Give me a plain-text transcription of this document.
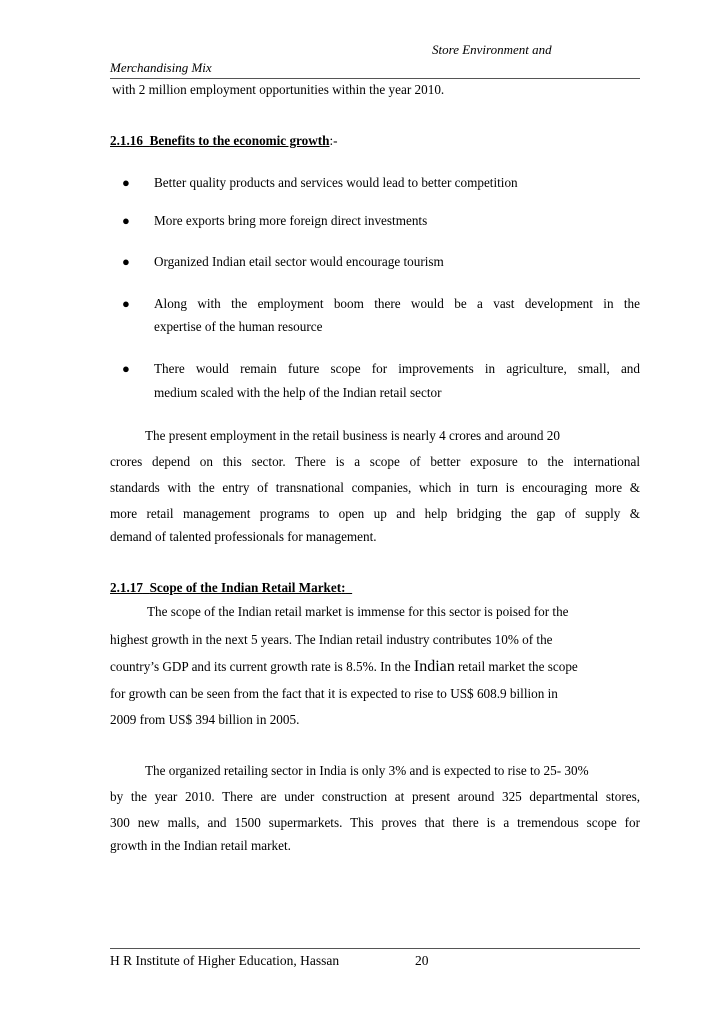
Store Environment and
Merchandising Mix
with 2 million employment opportunities within the year 2010.
2.1.16 Benefits to the economic growth:-
● Better quality products and services would lead to better competition
● More exports bring more foreign direct investments
● Organized Indian etail sector would encourage tourism
● Along with the employment boom there would be a vast development in the
expertise of the human resource
● There would remain future scope for improvements in agriculture, small, and
medium scaled with the help of the Indian retail sector
The present employment in the retail business is nearly 4 crores and around 20
crores depend on this sector. There is a scope of better exposure to the international
standards with the entry of transnational companies, which in turn is encouraging more &
more retail management programs to open up and help bridging the gap of supply &
demand of talented professionals for management.
2.1.17 Scope of the Indian Retail Market:
The scope of the Indian retail market is immense for this sector is poised for the
highest growth in the next 5 years. The Indian retail industry contributes 10% of the
country’s GDP and its current growth rate is 8.5%. In the Indian retail market the scope
for growth can be seen from the fact that it is expected to rise to US$ 608.9 billion in
2009 from US$ 394 billion in 2005.
The organized retailing sector in India is only 3% and is expected to rise to 25- 30%
by the year 2010. There are under construction at present around 325 departmental stores,
300 new malls, and 1500 supermarkets. This proves that there is a tremendous scope for
growth in the Indian retail market.
H R Institute of Higher Education, Hassan	20
